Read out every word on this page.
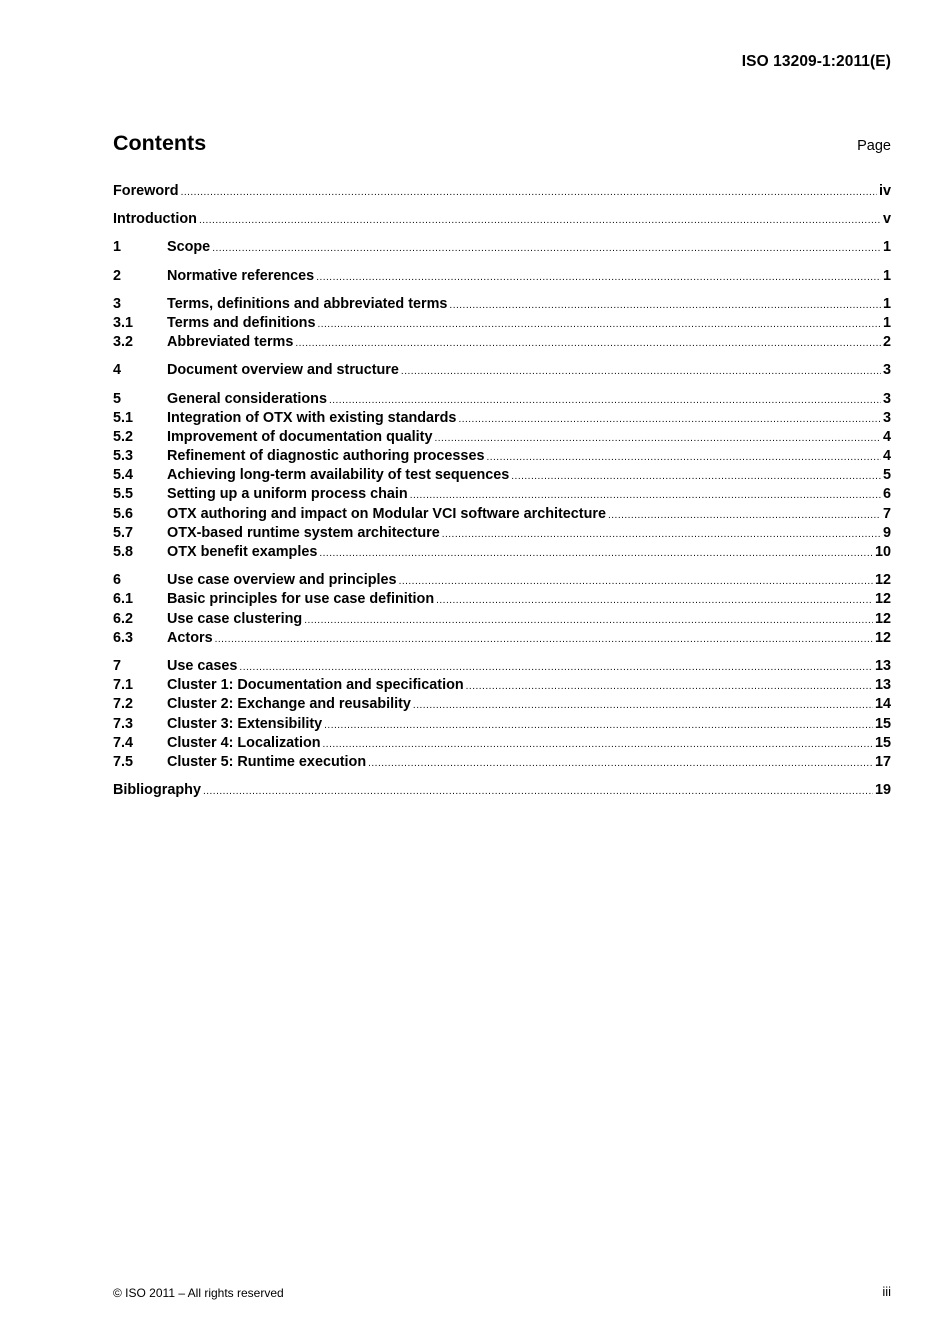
ISO 13209-1:2011(E)
Contents	Page
Foreword .....	iv
Introduction .....	v
1	Scope .....	1
2	Normative references .....	1
3	Terms, definitions and abbreviated terms .....	1
3.1	Terms and definitions .....	1
3.2	Abbreviated terms .....	2
4	Document overview and structure .....	3
5	General considerations .....	3
5.1	Integration of OTX with existing standards .....	3
5.2	Improvement of documentation quality .....	4
5.3	Refinement of diagnostic authoring processes .....	4
5.4	Achieving long-term availability of test sequences .....	5
5.5	Setting up a uniform process chain .....	6
5.6	OTX authoring and impact on Modular VCI software architecture .....	7
5.7	OTX-based runtime system architecture .....	9
5.8	OTX benefit examples .....	10
6	Use case overview and principles .....	12
6.1	Basic principles for use case definition .....	12
6.2	Use case clustering .....	12
6.3	Actors .....	12
7	Use cases .....	13
7.1	Cluster 1: Documentation and specification .....	13
7.2	Cluster 2: Exchange and reusability .....	14
7.3	Cluster 3: Extensibility .....	15
7.4	Cluster 4: Localization .....	15
7.5	Cluster 5: Runtime execution .....	17
Bibliography .....	19
© ISO 2011 – All rights reserved	iii
